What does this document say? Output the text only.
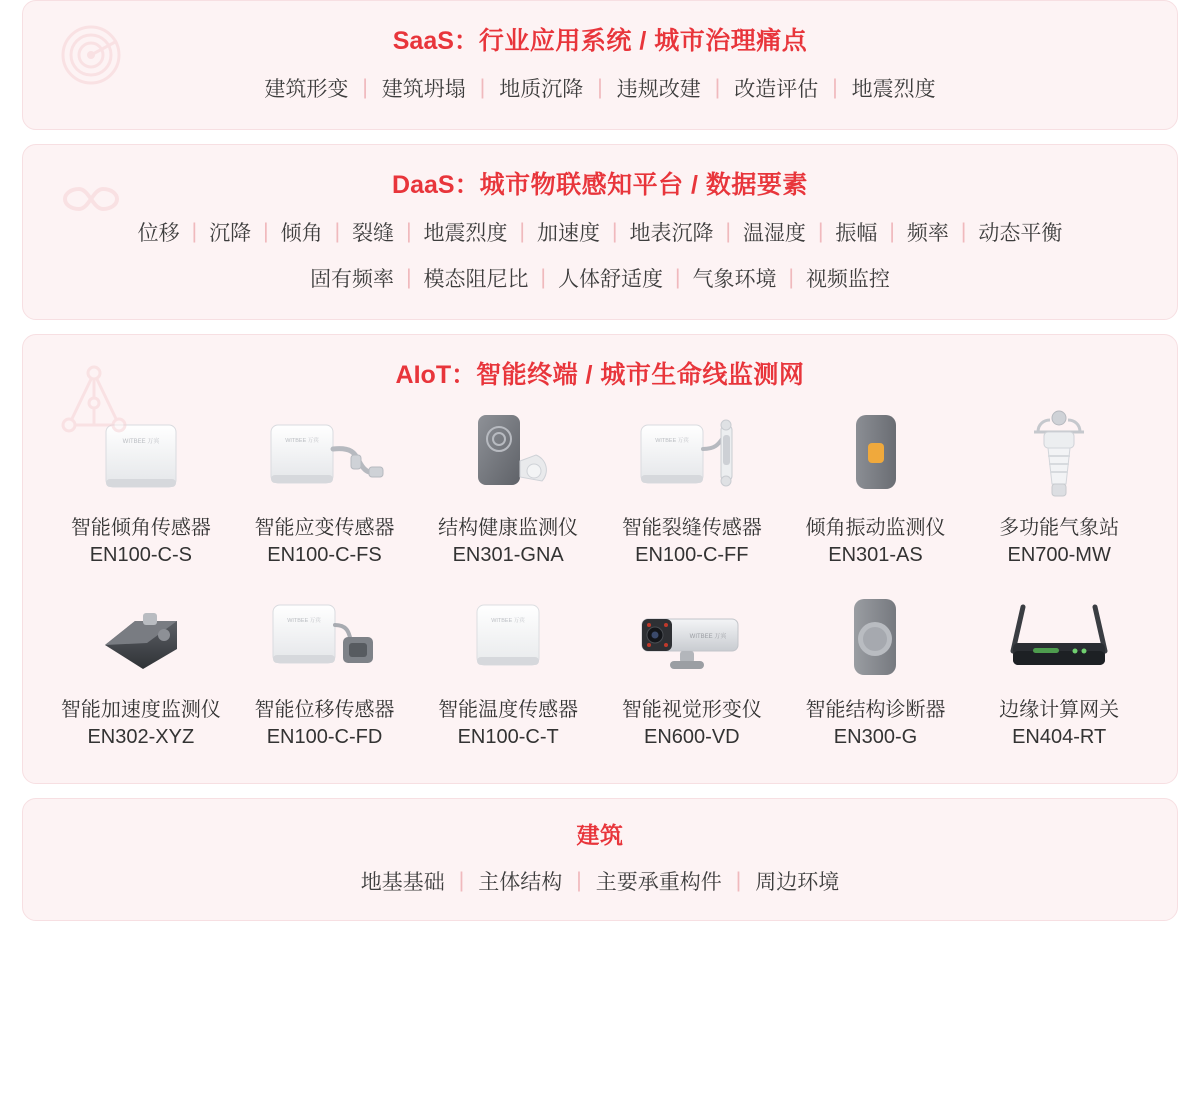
SaaS：行业应用系统 / 城市治理痛点
建筑形变 | 建筑坍塌 | 地质沉降 | 违规改建 | 改造评估 | 地震烈度
DaaS：城市物联感知平台 / 数据要素
位移 | 沉降 | 倾角 | 裂缝 | 地震烈度 | 加速度 | 地表沉降 | 温湿度 | 振幅 | 频率 | 动态平衡
固有频率 | 模态阻尼比 | 人体舒适度 | 气象环境 | 视频监控
AIoT：智能终端 / 城市生命线监测网
WITBEE 万宾
智能倾角传感器
EN100-C-S
WITBEE 万宾
智能应变传感器
EN100-C-FS
结构健康监测仪
EN301-GNA
WITBEE 万宾
智能裂缝传感器
EN100-C-FF
倾角振动监测仪
EN301-AS
多功能气象站
EN700-MW
智能加速度监测仪
EN302-XYZ
WITBEE 万宾
智能位移传感器
EN100-C-FD
WITBEE 万宾
智能温度传感器
EN100-C-T
WITBEE 万宾
智能视觉形变仪
EN600-VD
智能结构诊断器
EN300-G
边缘计算网关
EN404-RT
建筑
地基基础 | 主体结构 | 主要承重构件 | 周边环境
